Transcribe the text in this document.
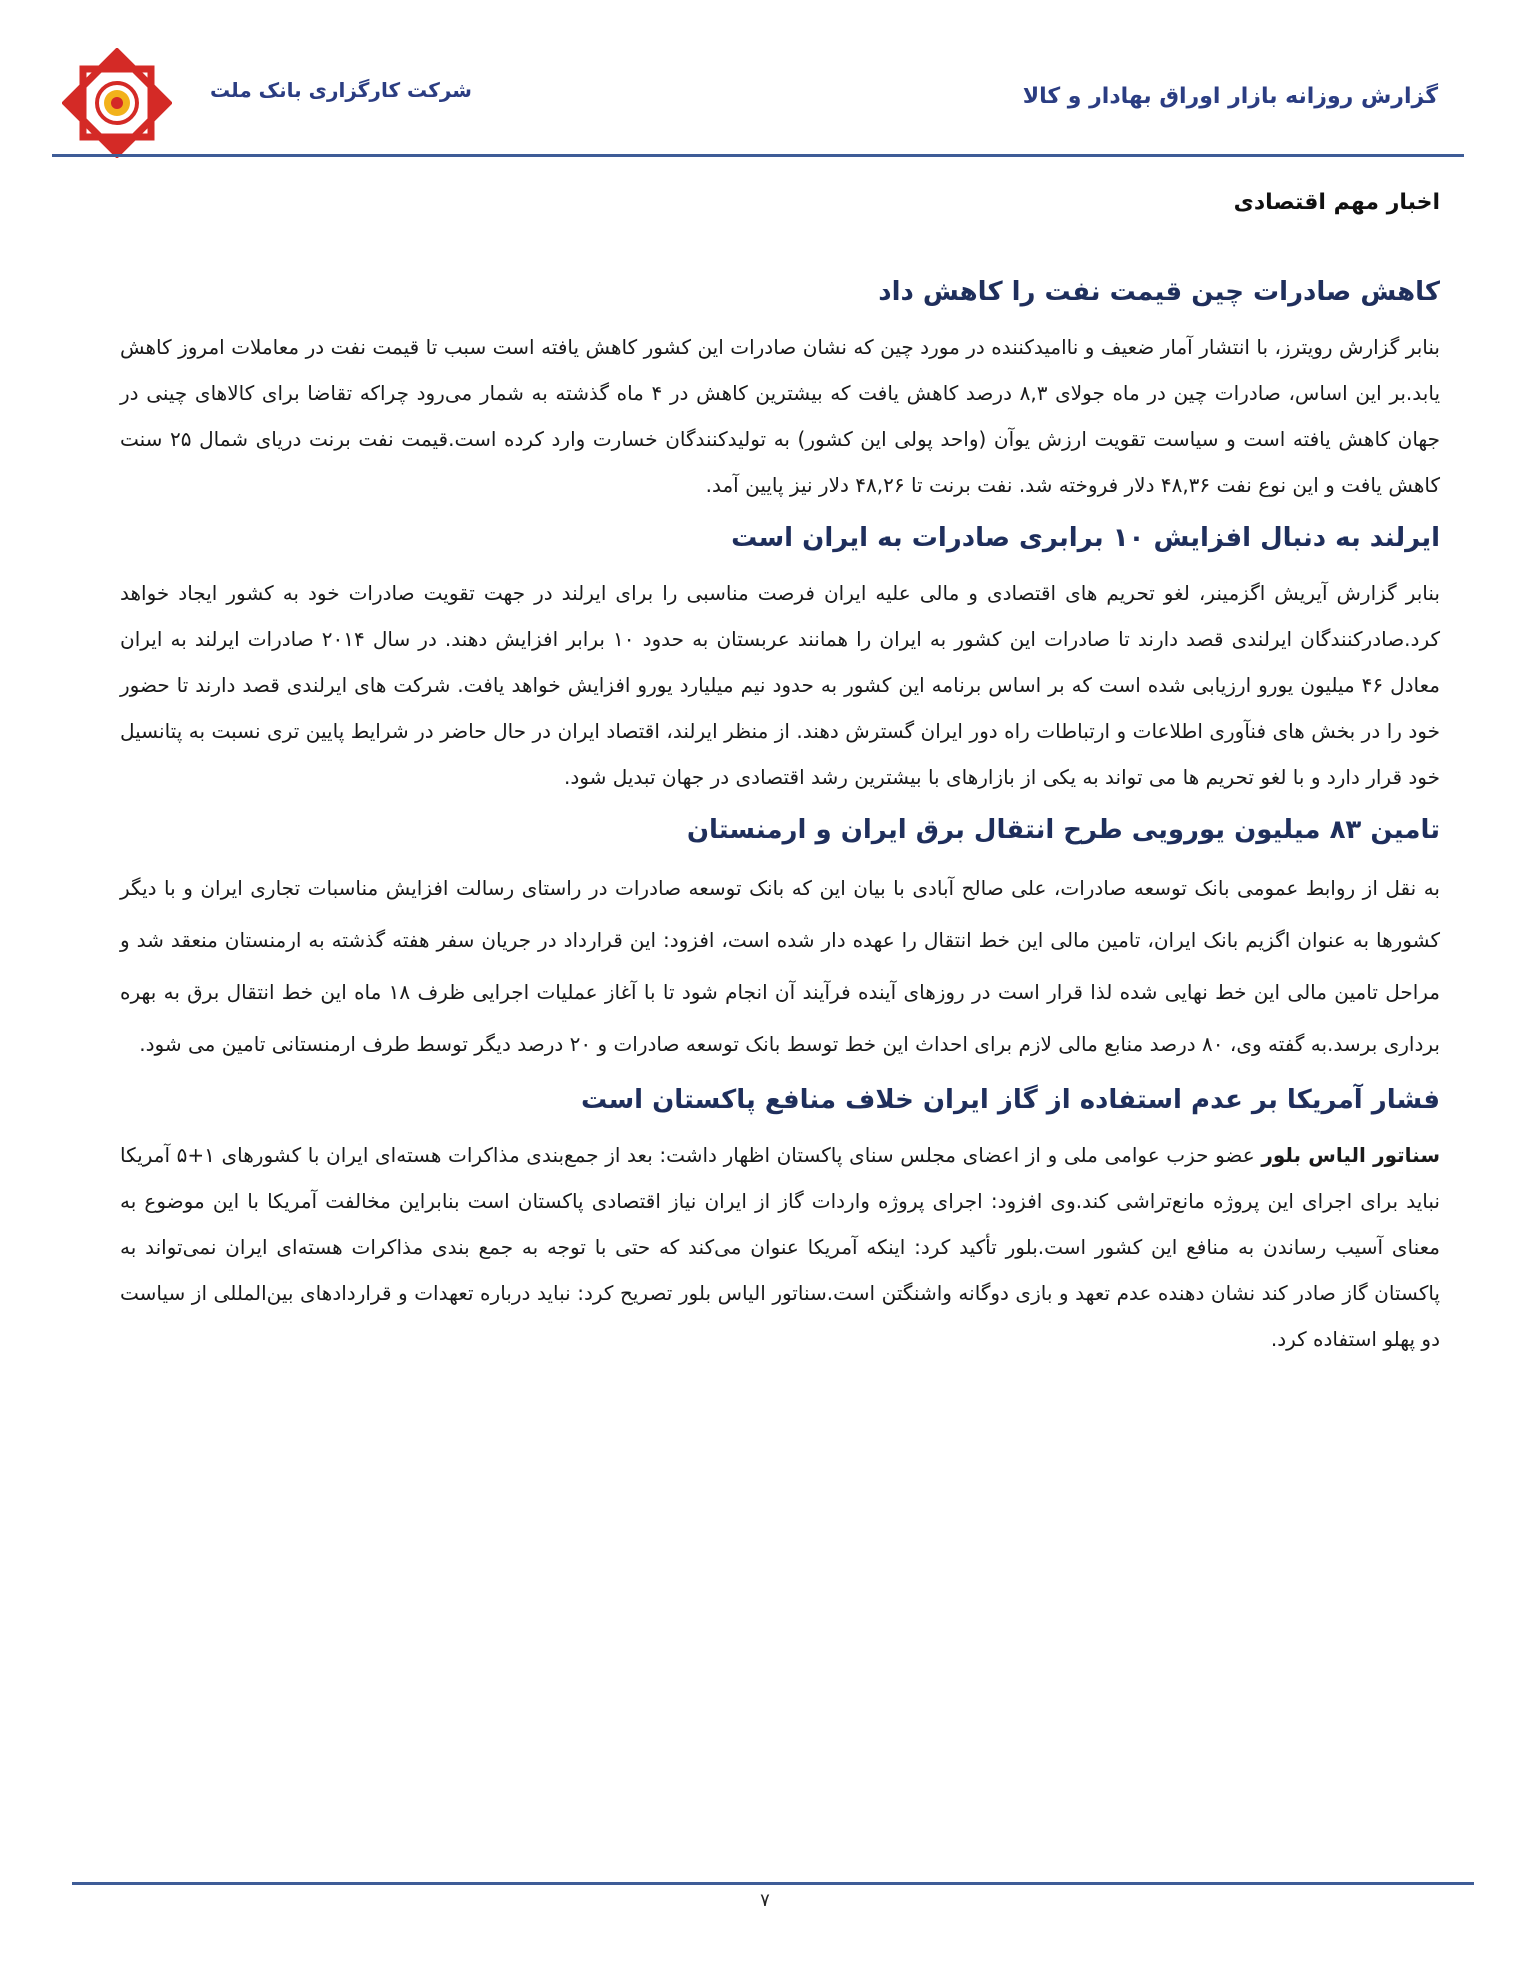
شرکت کارگزاری بانک ملت	گزارش روزانه بازار اوراق بهادار و کالا
اخبار مهم اقتصادی
کاهش صادرات چین قیمت نفت را کاهش داد

بنابر گزارش رویترز، با انتشار آمار ضعیف و ناامیدکننده در مورد چین که نشان صادرات این کشور کاهش یافته است سبب تا قیمت نفت در معاملات امروز کاهش یابد.بر این اساس، صادرات چین در ماه جولای ۸,۳ درصد کاهش یافت که بیشترین کاهش در ۴ ماه گذشته به شمار می‌رود چراکه تقاضا برای کالاهای چینی در جهان کاهش یافته است و سیاست تقویت ارزش یوآن (واحد پولی این کشور) به تولیدکنندگان خسارت وارد کرده است.قیمت نفت برنت دریای شمال ۲۵ سنت کاهش یافت و این نوع نفت ۴۸,۳۶ دلار فروخته شد. نفت برنت تا ۴۸,۲۶ دلار نیز پایین آمد.

ایرلند به دنبال افزایش ۱۰ برابری صادرات به ایران است

بنابر گزارش آیریش اگزمینر، لغو تحریم های اقتصادی و مالی علیه ایران فرصت مناسبی را برای ایرلند در جهت تقویت صادرات خود به کشور ایجاد خواهد کرد.صادرکنندگان ایرلندی قصد دارند تا صادرات این کشور به ایران را همانند عربستان به حدود ۱۰ برابر افزایش دهند. در سال ۲۰۱۴ صادرات ایرلند به ایران معادل ۴۶ میلیون یورو ارزیابی شده است که بر اساس برنامه این کشور به حدود نیم میلیارد یورو افزایش خواهد یافت. شرکت های ایرلندی قصد دارند تا حضور خود را در بخش های فنآوری اطلاعات و ارتباطات راه دور ایران گسترش دهند. از منظر ایرلند، اقتصاد ایران در حال حاضر در شرایط پایین تری نسبت به پتانسیل خود قرار دارد و با لغو تحریم ها می تواند به یکی از بازارهای با بیشترین رشد اقتصادی در جهان تبدیل شود.

تامین ۸۳ میلیون یورویی طرح انتقال برق ایران و ارمنستان

به نقل از روابط عمومی بانک توسعه صادرات، علی صالح آبادی با بیان این که بانک توسعه صادرات در راستای رسالت افزایش مناسبات تجاری ایران و با دیگر کشورها به عنوان اگزیم بانک ایران، تامین مالی این خط انتقال را عهده دار شده است، افزود: این قرارداد در جریان سفر هفته گذشته به ارمنستان منعقد شد و مراحل تامین مالی این خط نهایی شده لذا قرار است در روزهای آینده فرآیند آن انجام شود تا با آغاز عملیات اجرایی ظرف ۱۸ ماه این خط انتقال برق به بهره برداری برسد.به گفته وی، ۸۰ درصد منابع مالی لازم برای احداث این خط توسط بانک توسعه صادرات و ۲۰ درصد دیگر توسط طرف ارمنستانی تامین می شود.

فشار آمریکا بر عدم استفاده از گاز ایران خلاف منافع پاکستان است

سناتور الیاس بلور عضو حزب عوامی ملی و از اعضای مجلس سنای پاکستان اظهار داشت: بعد از جمع‌بندی مذاکرات هسته‌ای ایران با کشورهای ۱+۵ آمریکا نباید برای اجرای این پروژه مانع‌تراشی کند.وی افزود: اجرای پروژه واردات گاز از ایران نیاز اقتصادی پاکستان است بنابراین مخالفت آمریکا با این موضوع به معنای آسیب رساندن به منافع این کشور است.بلور تأکید کرد: اینکه آمریکا عنوان می‌کند که حتی با توجه به جمع بندی مذاکرات هسته‌ای ایران نمی‌تواند به پاکستان گاز صادر کند نشان دهنده عدم تعهد و بازی دوگانه واشنگتن است.سناتور الیاس بلور تصریح کرد: نباید درباره تعهدات و قراردادهای بین‌المللی از سیاست دو پهلو استفاده کرد.

۷
